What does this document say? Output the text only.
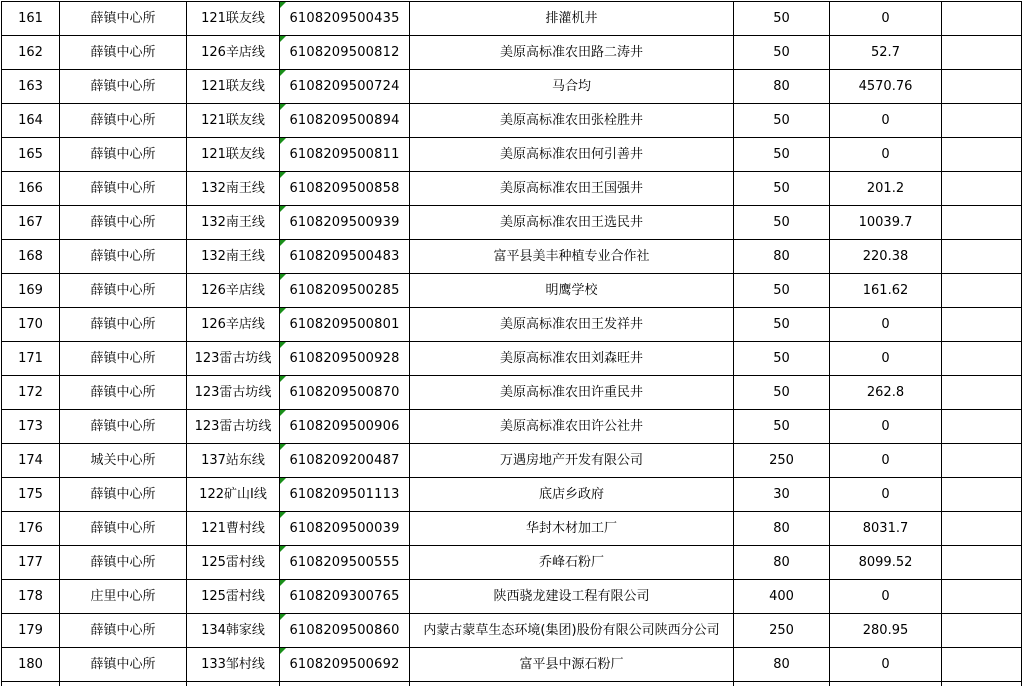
161	薛镇中心所	121联友线	6108209500435	排灌机井	50	0	
162	薛镇中心所	126辛店线	6108209500812	美原高标准农田路二涛井	50	52.7	
163	薛镇中心所	121联友线	6108209500724	马合均	80	4570.76	
164	薛镇中心所	121联友线	6108209500894	美原高标准农田张栓胜井	50	0	
165	薛镇中心所	121联友线	6108209500811	美原高标准农田何引善井	50	0	
166	薛镇中心所	132南王线	6108209500858	美原高标准农田王国强井	50	201.2	
167	薛镇中心所	132南王线	6108209500939	美原高标准农田王选民井	50	10039.7	
168	薛镇中心所	132南王线	6108209500483	富平县美丰种植专业合作社	80	220.38	
169	薛镇中心所	126辛店线	6108209500285	明鹰学校	50	161.62	
170	薛镇中心所	126辛店线	6108209500801	美原高标准农田王发祥井	50	0	
171	薛镇中心所	123雷古坊线	6108209500928	美原高标准农田刘森旺井	50	0	
172	薛镇中心所	123雷古坊线	6108209500870	美原高标准农田许重民井	50	262.8	
173	薛镇中心所	123雷古坊线	6108209500906	美原高标准农田许公社井	50	0	
174	城关中心所	137站东线	6108209200487	万遇房地产开发有限公司	250	0	
175	薛镇中心所	122矿山Ⅰ线	6108209501113	底店乡政府	30	0	
176	薛镇中心所	121曹村线	6108209500039	华封木材加工厂	80	8031.7	
177	薛镇中心所	125雷村线	6108209500555	乔峰石粉厂	80	8099.52	
178	庄里中心所	125雷村线	6108209300765	陕西骁龙建设工程有限公司	400	0	
179	薛镇中心所	134韩家线	6108209500860	内蒙古蒙草生态环境(集团)股份有限公司陕西分公司	250	280.95	
180	薛镇中心所	133邹村线	6108209500692	富平县中源石粉厂	80	0	
